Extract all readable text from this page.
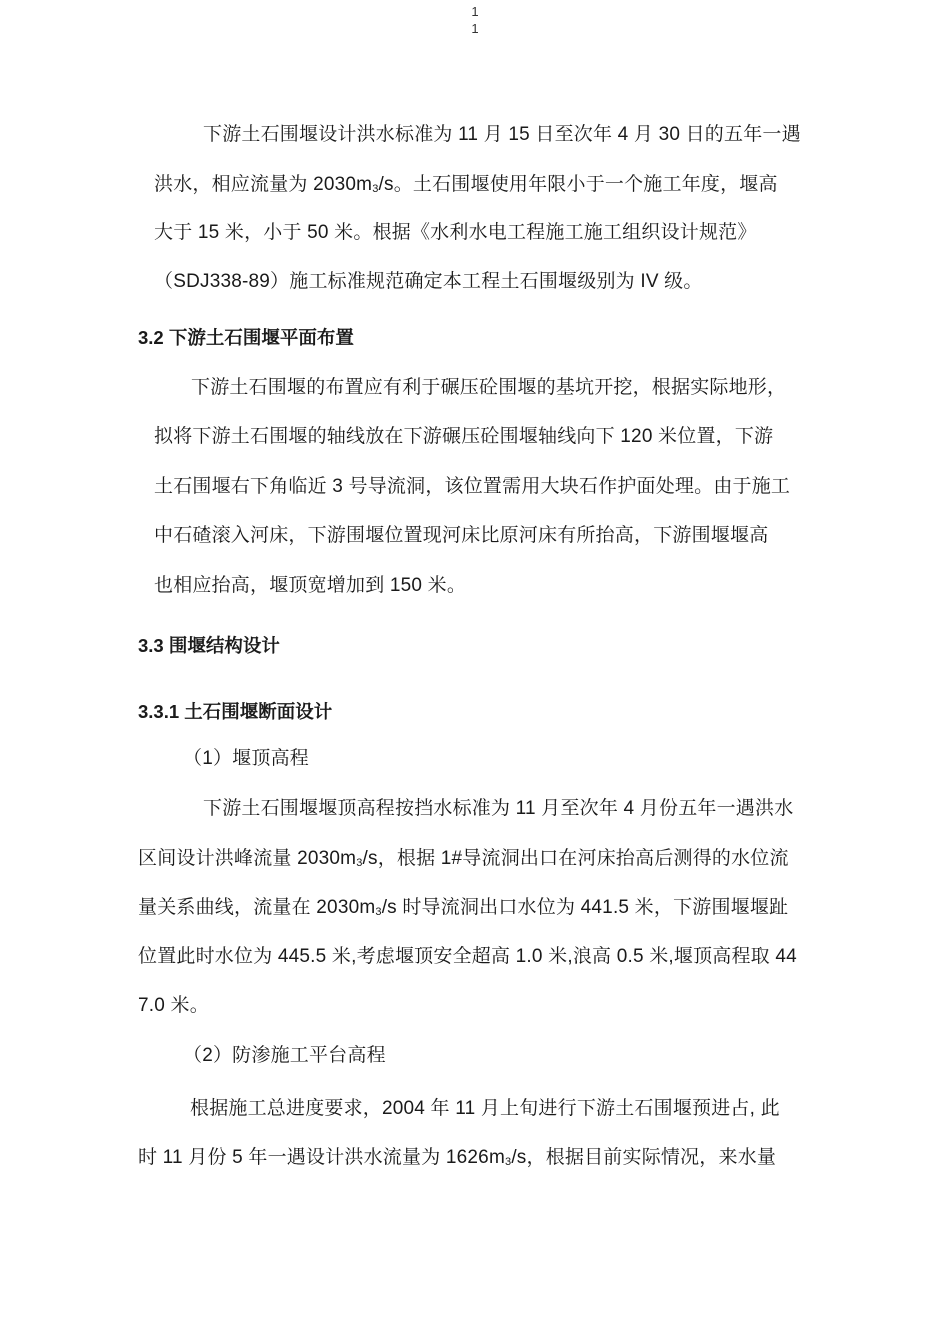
1
1
下游土石围堰设计洪水标准为 11 月 15 日至次年 4 月 30 日的五年一遇
洪水，相应流量为 $2030m_3/s$。土石围堰使用年限小于一个施工年度，堰高
大于 15 米，小于 50 米。根据《水利水电工程施工施工组织设计规范》
（SDJ338-89）施工标准规范确定本工程土石围堰级别为 IV 级。
3.2 下游土石围堰平面布置
下游土石围堰的布置应有利于碾压砼围堰的基坑开挖，根据实际地形，
拟将下游土石围堰的轴线放在下游碾压砼围堰轴线向下 120 米位置，下游
土石围堰右下角临近 3 号导流洞，该位置需用大块石作护面处理。由于施工
中石碴滚入河床，下游围堰位置现河床比原河床有所抬高，下游围堰堰高
也相应抬高，堰顶宽增加到 150 米。
3.3 围堰结构设计
3.3.1 土石围堰断面设计
（1）堰顶高程
下游土石围堰堰顶高程按挡水标准为 11 月至次年 4 月份五年一遇洪水
区间设计洪峰流量 $2030m_3/s$，根据 1#导流洞出口在河床抬高后测得的水位流
量关系曲线，流量在 $2030m_3/s$ 时导流洞出口水位为 441.5 米，下游围堰堰趾
位置此时水位为 445.5 米,考虑堰顶安全超高 1.0 米,浪高 0.5 米,堰顶高程取 44
7.0 米。
（2）防渗施工平台高程
根据施工总进度要求，2004 年 11 月上旬进行下游土石围堰预进占, 此
时 11 月份 5 年一遇设计洪水流量为 $1626m_3/s$，根据目前实际情况，来水量
